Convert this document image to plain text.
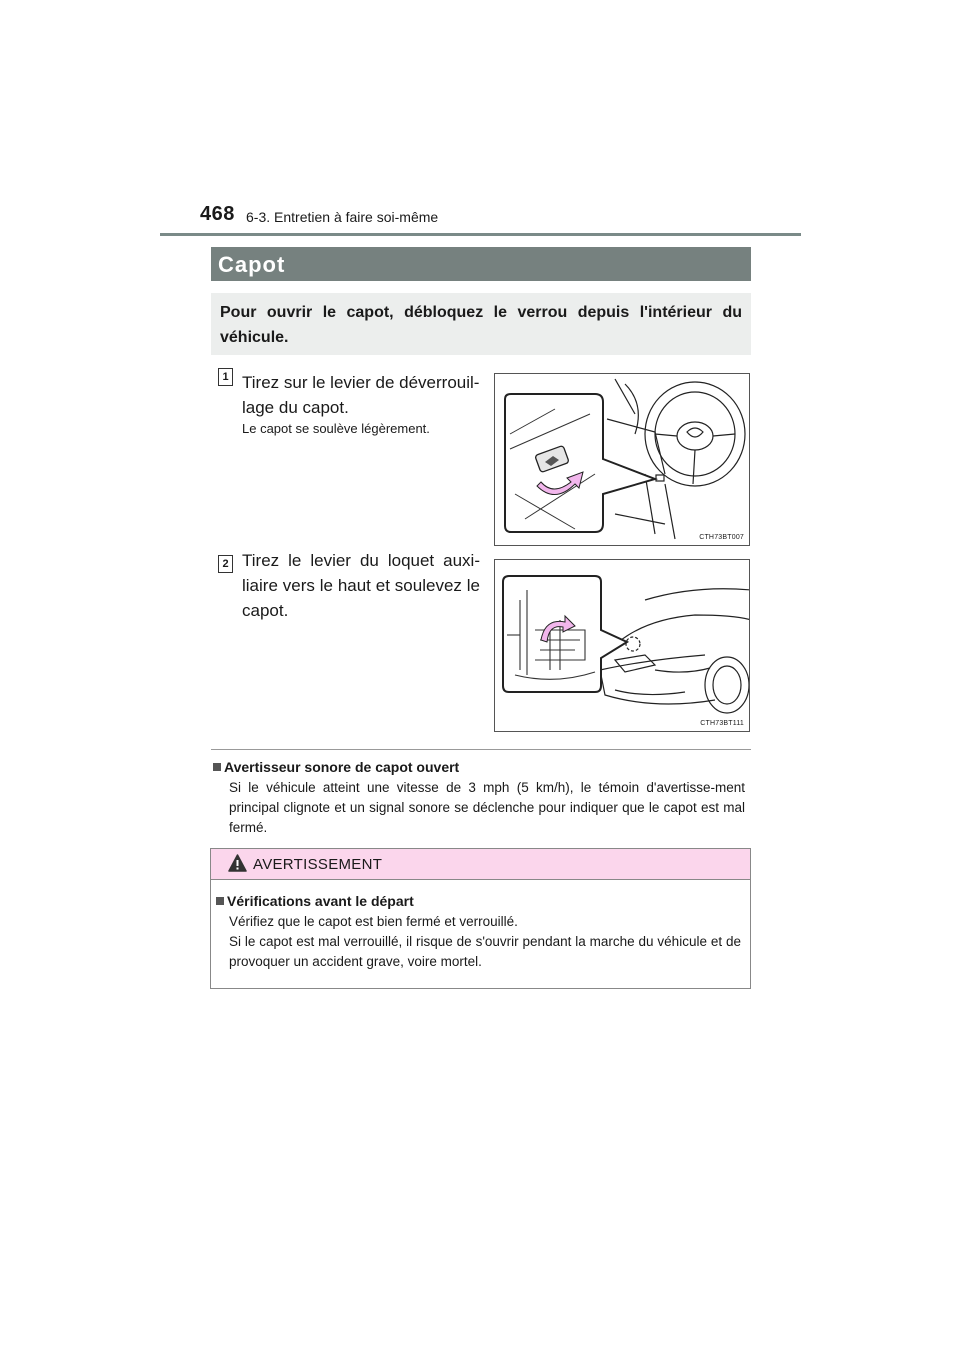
468 6-3. Entretien à faire soi-même
Capot

Pour ouvrir le capot, débloquez le verrou depuis l'intérieur du véhicule.

1 Tirez sur le levier de déverrouil-lage du capot.
Le capot se soulève légèrement.
CTH73BT007
2 Tirez le levier du loquet auxi-liaire vers le haut et soulevez le capot.
CTH73BT111
Avertisseur sonore de capot ouvert

Si le véhicule atteint une vitesse de 3 mph (5 km/h), le témoin d'avertisse-ment principal clignote et un signal sonore se déclenche pour indiquer que le capot est mal fermé.

AVERTISSEMENT
Vérifications avant le départ

Vérifiez que le capot est bien fermé et verrouillé.
Si le capot est mal verrouillé, il risque de s'ouvrir pendant la marche du véhicule et de provoquer un accident grave, voire mortel.
